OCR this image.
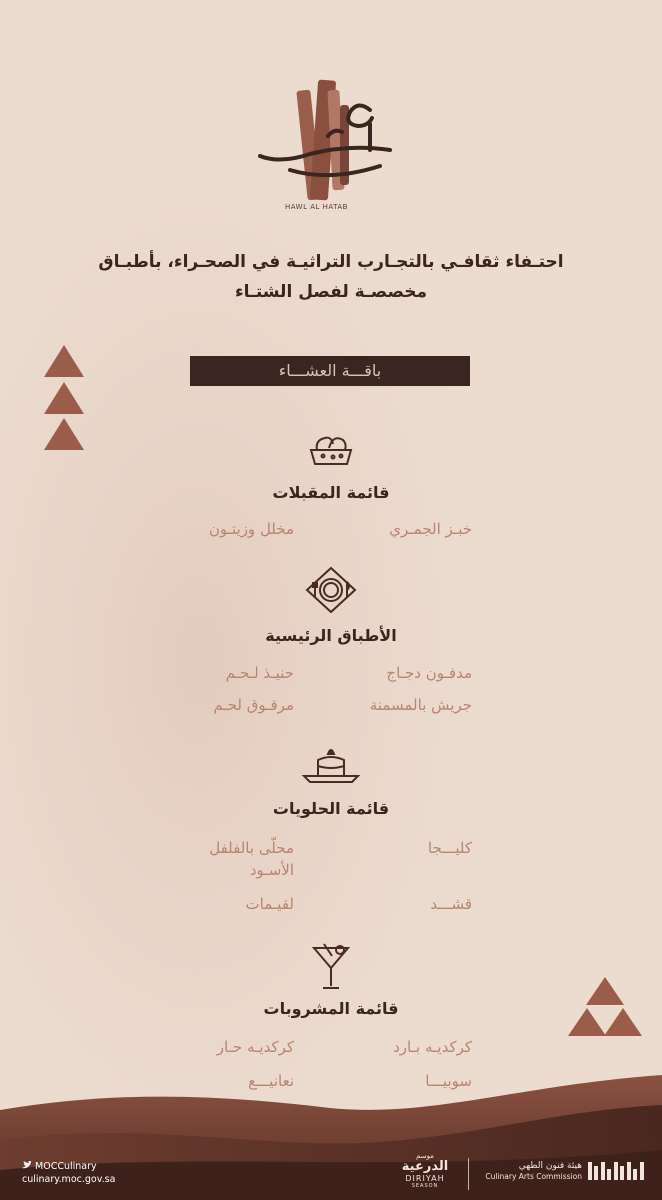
HAWL AL HATAB
احتـفاء ثقافـي بالتجـارب التراثيـة في الصحـراء، بأطبـاق
مخصصـة لفصل الشتـاء
باقـــة العشـــاء
قائمة المقبلات
خبـز الجمـري
مخلل وزيتـون
الأطباق الرئيسية
مدفـون دجـاج
حنيـذ لـحـم
جريش بالمسمنة
مرقـوق لحـم
قائمة الحلويات
كليـــجا
محلّى بالفلفل الأسـود
قشـــد
لقيـمات
قائمة المشروبات
كركديـه بـارد
كركديـه حـار
سوبيـــا
نعانيـــع
MOCCulinary
culinary.moc.gov.sa
موسم
الدرعية
DIRIYAH
SEASON
هيئة فنون الطهي
Culinary Arts Commission
